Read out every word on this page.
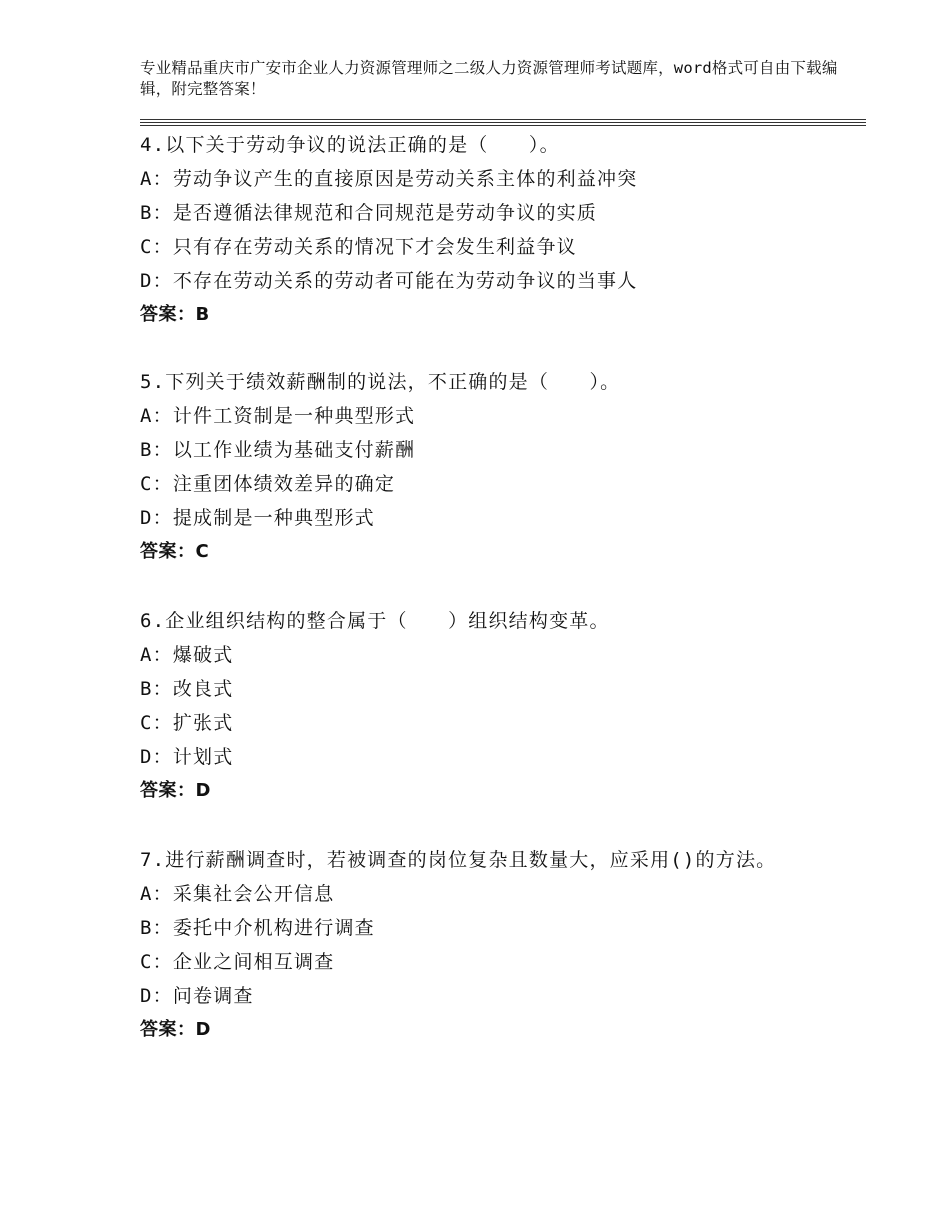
专业精品重庆市广安市企业人力资源管理师之二级人力资源管理师考试题库，word格式可自由下载编辑，附完整答案！

4.以下关于劳动争议的说法正确的是（　　）。

A：劳动争议产生的直接原因是劳动关系主体的利益冲突

B：是否遵循法律规范和合同规范是劳动争议的实质

C：只有存在劳动关系的情况下才会发生利益争议

D：不存在劳动关系的劳动者可能在为劳动争议的当事人

答案：B

5.下列关于绩效薪酬制的说法，不正确的是（　　）。

A：计件工资制是一种典型形式

B：以工作业绩为基础支付薪酬

C：注重团体绩效差异的确定

D：提成制是一种典型形式

答案：C

6.企业组织结构的整合属于（　　）组织结构变革。

A：爆破式

B：改良式

C：扩张式

D：计划式

答案：D

7.进行薪酬调查时，若被调查的岗位复杂且数量大，应采用()的方法。

A：采集社会公开信息

B：委托中介机构进行调查

C：企业之间相互调查

D：问卷调查

答案：D
